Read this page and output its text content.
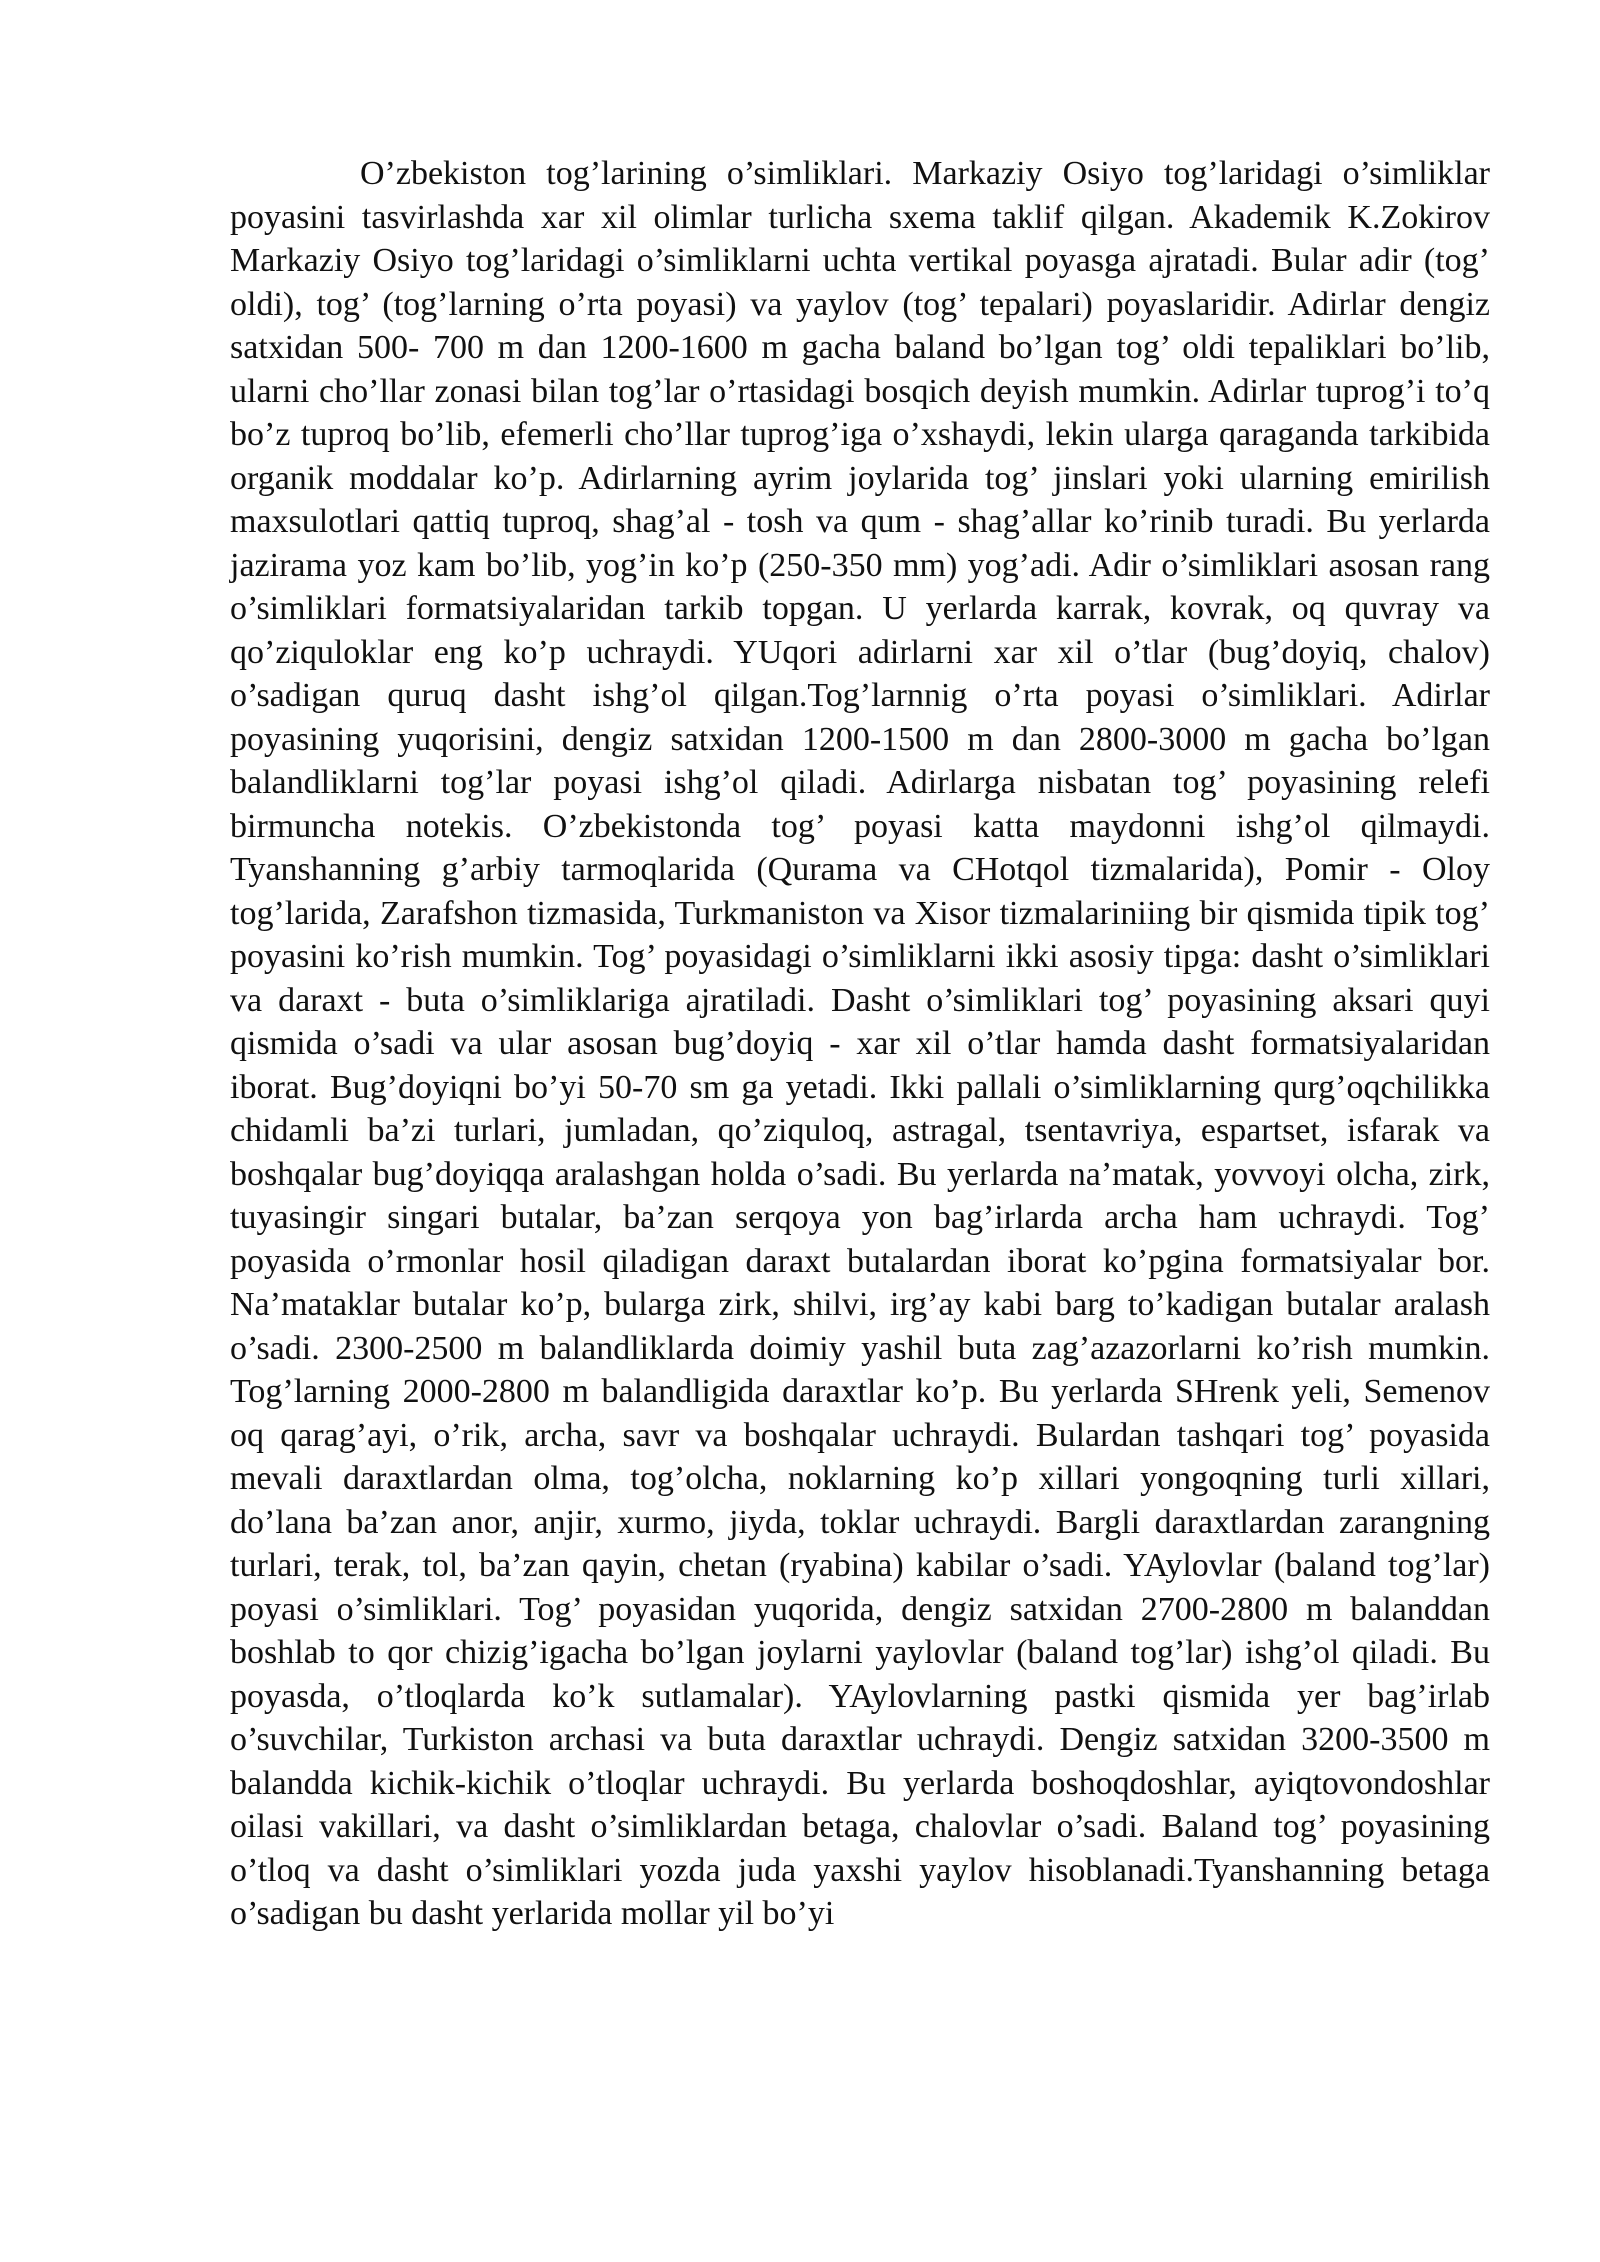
O’zbekiston tog’larining o’simliklari. Markaziy Osiyo tog’laridagi o’simliklar poyasini tasvirlashda xar xil olimlar turlicha sxema taklif qilgan. Akademik K.Zokirov Markaziy Osiyo tog’laridagi o’simliklarni uchta vertikal poyasga ajratadi. Bular adir (tog’ oldi), tog’ (tog’larning o’rta poyasi) va yaylov (tog’ tepalari) poyaslaridir. Adirlar dengiz satxidan 500- 700 m dan 1200-1600 m gacha baland bo’lgan tog’ oldi tepaliklari bo’lib, ularni cho’llar zonasi bilan tog’lar o’rtasidagi bosqich deyish mumkin. Adirlar tuprog’i to’q bo’z tuproq bo’lib, efemerli cho’llar tuprog’iga o’xshaydi, lekin ularga qaraganda tarkibida organik moddalar ko’p. Adirlarning ayrim joylarida tog’ jinslari yoki ularning emirilish maxsulotlari qattiq tuproq, shag’al - tosh va qum - shag’allar ko’rinib turadi. Bu yerlarda jazirama yoz kam bo’lib, yog’in ko’p (250-350 mm) yog’adi. Adir o’simliklari asosan rang o’simliklari formatsiyalaridan tarkib topgan. U yerlarda karrak, kovrak, oq quvray va qo’ziquloklar eng ko’p uchraydi. YUqori adirlarni xar xil o’tlar (bug’doyiq, chalov) o’sadigan quruq dasht ishg’ol qilgan.Tog’larnnig o’rta poyasi o’simliklari. Adirlar poyasining yuqorisini, dengiz satxidan 1200-1500 m dan 2800-3000 m gacha bo’lgan balandliklarni tog’lar poyasi ishg’ol qiladi. Adirlarga nisbatan tog’ poyasining relefi birmuncha notekis. O’zbekistonda tog’ poyasi katta maydonni ishg’ol qilmaydi. Tyanshanning g’arbiy tarmoqlarida (Qurama va CHotqol tizmalarida), Pomir - Oloy tog’larida, Zarafshon tizmasida, Turkmaniston va Xisor tizmalariniing bir qismida tipik tog’ poyasini ko’rish mumkin. Tog’ poyasidagi o’simliklarni ikki asosiy tipga: dasht o’simliklari va daraxt - buta o’simliklariga ajratiladi. Dasht o’simliklari tog’ poyasining aksari quyi qismida o’sadi va ular asosan bug’doyiq - xar xil o’tlar hamda dasht formatsiyalaridan iborat. Bug’doyiqni bo’yi 50-70 sm ga yetadi. Ikki pallali o’simliklarning qurg’oqchilikka chidamli ba’zi turlari, jumladan, qo’ziquloq, astragal, tsentavriya, espartset, isfarak va boshqalar bug’doyiqqa aralashgan holda o’sadi. Bu yerlarda na’matak, yovvoyi olcha, zirk, tuyasingir singari butalar, ba’zan serqoya yon bag’irlarda archa ham uchraydi. Tog’ poyasida o’rmonlar hosil qiladigan daraxt butalardan iborat ko’pgina formatsiyalar bor. Na’mataklar butalar ko’p, bularga zirk, shilvi, irg’ay kabi barg to’kadigan butalar aralash o’sadi. 2300-2500 m balandliklarda doimiy yashil buta zag’azazorlarni ko’rish mumkin. Tog’larning 2000-2800 m balandligida daraxtlar ko’p. Bu yerlarda SHrenk yeli, Semenov oq qarag’ayi, o’rik, archa, savr va boshqalar uchraydi. Bulardan tashqari tog’ poyasida mevali daraxtlardan olma, tog’olcha, noklarning ko’p xillari yongoqning turli xillari, do’lana ba’zan anor, anjir, xurmo, jiyda, toklar uchraydi. Bargli daraxtlardan zarangning turlari, terak, tol, ba’zan qayin, chetan (ryabina) kabilar o’sadi. YAylovlar (baland tog’lar) poyasi o’simliklari. Tog’ poyasidan yuqorida, dengiz satxidan 2700-2800 m balanddan boshlab to qor chizig’igacha bo’lgan joylarni yaylovlar (baland tog’lar) ishg’ol qiladi. Bu poyasda, o’tloqlarda ko’k sutlamalar). YAylovlarning pastki qismida yer bag’irlab o’suvchilar, Turkiston archasi va buta daraxtlar uchraydi. Dengiz satxidan 3200-3500 m balandda kichik-kichik o’tloqlar uchraydi. Bu yerlarda boshoqdoshlar, ayiqtovondoshlar oilasi vakillari, va dasht o’simliklardan betaga, chalovlar o’sadi. Baland tog’ poyasining o’tloq va dasht o’simliklari yozda juda yaxshi yaylov hisoblanadi.Tyanshanning betaga o’sadigan bu dasht yerlarida mollar yil bo’yi
